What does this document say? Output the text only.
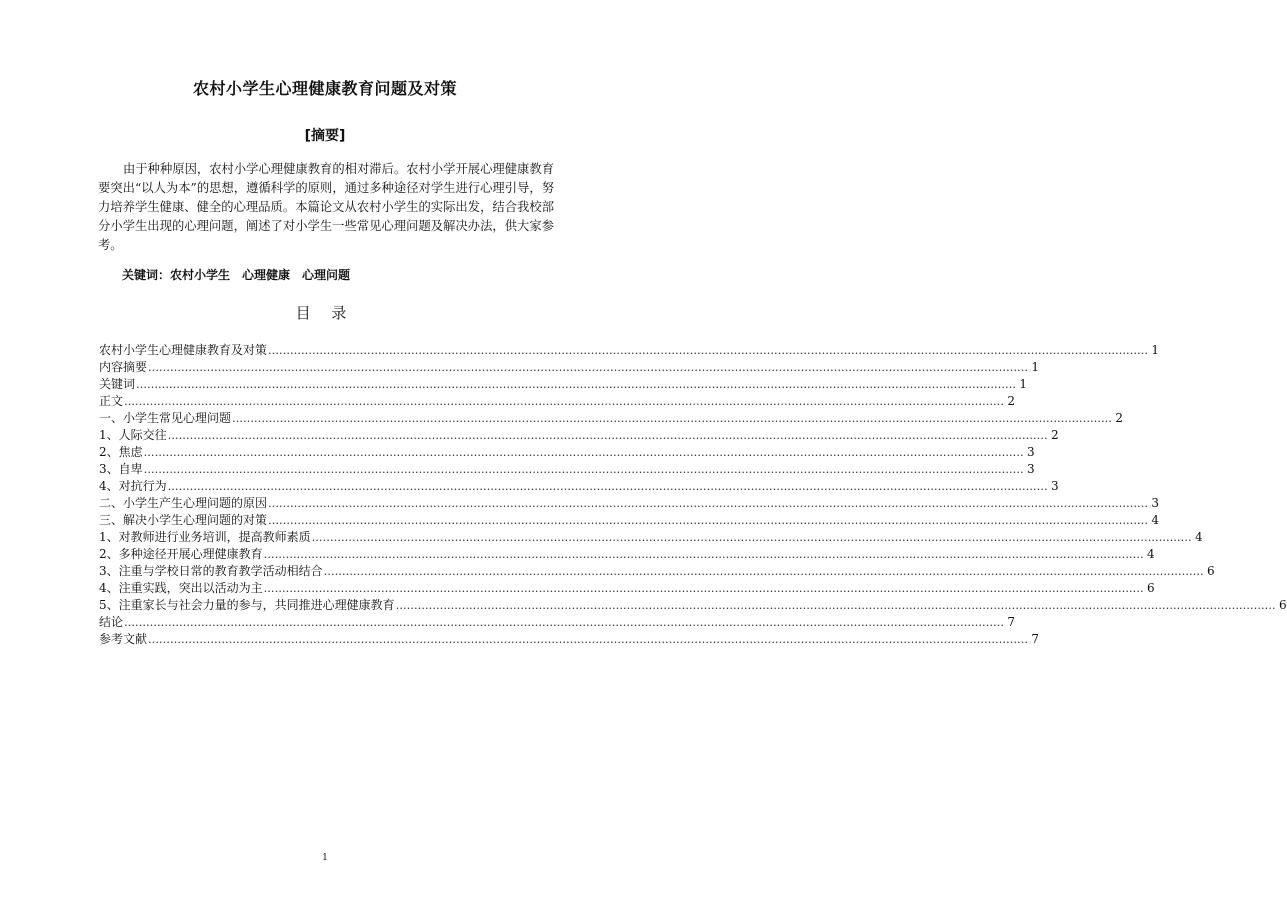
农村小学生心理健康教育问题及对策
[摘要]
由于种种原因，农村小学心理健康教育的相对滞后。农村小学开展心理健康教育要突出“以人为本”的思想，遵循科学的原则，通过多种途径对学生进行心理引导，努力培养学生健康、健全的心理品质。本篇论文从农村小学生的实际出发，结合我校部分小学生出现的心理问题，阐述了对小学生一些常见心理问题及解决办法，供大家参考。
关键词：农村小学生 心理健康 心理问题
目 录
农村小学生心理健康教育及对策 …………………………………………………………………………………………………………………………………………………………………………………………………………………… 1
内容摘要 …………………………………………………………………………………………………………………………………………………………………………………………………………………… 1
关键词 …………………………………………………………………………………………………………………………………………………………………………………………………………………… 1
正文 …………………………………………………………………………………………………………………………………………………………………………………………………………………… 2
一、小学生常见心理问题 …………………………………………………………………………………………………………………………………………………………………………………………………………………… 2
1、人际交往 …………………………………………………………………………………………………………………………………………………………………………………………………………………… 2
2、焦虑 …………………………………………………………………………………………………………………………………………………………………………………………………………………… 3
3、自卑 …………………………………………………………………………………………………………………………………………………………………………………………………………………… 3
4、对抗行为 …………………………………………………………………………………………………………………………………………………………………………………………………………………… 3
二、小学生产生心理问题的原因 …………………………………………………………………………………………………………………………………………………………………………………………………………………… 3
三、解决小学生心理问题的对策 …………………………………………………………………………………………………………………………………………………………………………………………………………………… 4
1、对教师进行业务培训，提高教师素质 …………………………………………………………………………………………………………………………………………………………………………………………………………………… 4
2、多种途径开展心理健康教育 …………………………………………………………………………………………………………………………………………………………………………………………………………………… 4
3、注重与学校日常的教育教学活动相结合 …………………………………………………………………………………………………………………………………………………………………………………………………………………… 6
4、注重实践，突出以活动为主 …………………………………………………………………………………………………………………………………………………………………………………………………………………… 6
5、注重家长与社会力量的参与，共同推进心理健康教育 …………………………………………………………………………………………………………………………………………………………………………………………………………………… 6
结论 …………………………………………………………………………………………………………………………………………………………………………………………………………………… 7
参考文献 …………………………………………………………………………………………………………………………………………………………………………………………………………………… 7
1
